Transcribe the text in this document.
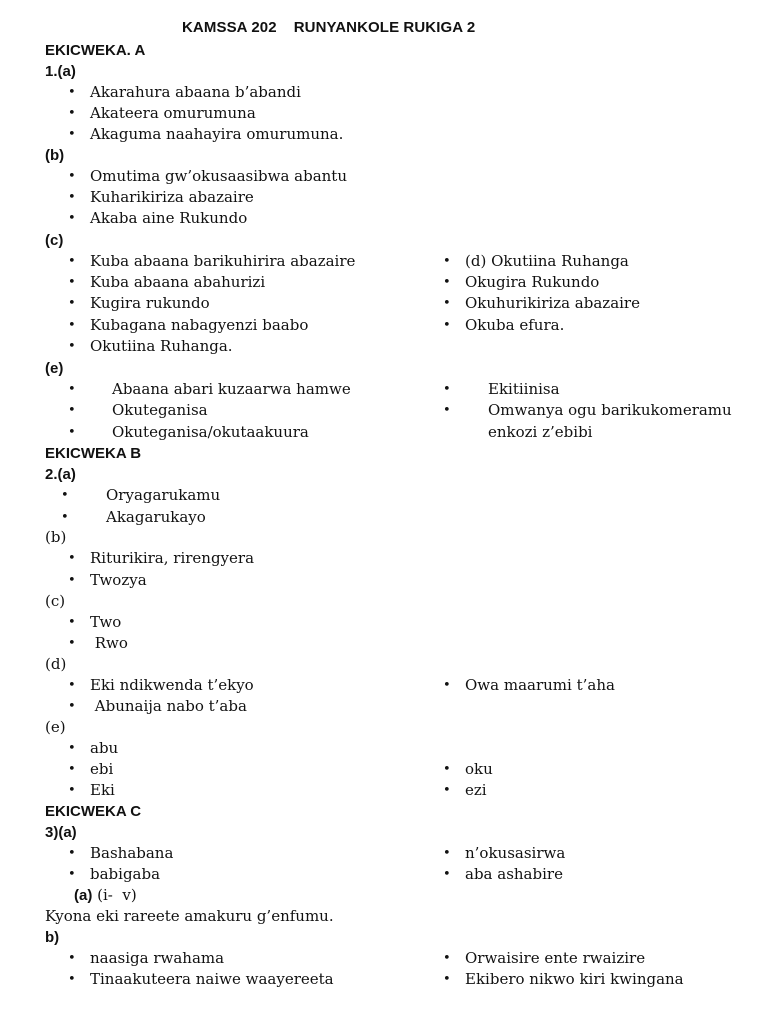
KAMSSA 202    RUNYANKOLE RUKIGA 2
EKICWEKA. A
1.(a)
• Akarahura abaana b’abandi
• Akateera omurumuna
• Akaguma naahayira omurumuna.
(b)
• Omutima gw’okusaasibwa abantu
• Kuharikiriza abazaire
• Akaba aine Rukundo
(c)
• Kuba abaana barikuhirira abazaire
• Kuba abaana abahurizi
• Kugira rukundo
• Kubagana nabagyenzi baabo
• Okutiina Ruhanga.
• (d) Okutiina Ruhanga
• Okugira Rukundo
• Okuhurikiriza abazaire
• Okuba efura.
(e)
• Abaana abari kuzaarwa hamwe
• Okuteganisa
• Okuteganisa/okutaakuura
• Ekitiinisa
• Omwanya ogu barikukomeramu
enkozi z’ebibi
EKICWEKA B
2.(a)
• Oryagarukamu
• Akagarukayo
(b)
• Riturikira, rirengyera
• Twozya
(c)
• Two
• Rwo
(d)
• Eki ndikwenda t’ekyo
• Abunaija nabo t’aba
• Owa maarumi t’aha
(e)
• abu
• ebi
• Eki
• oku
• ezi
EKICWEKA C
3)(a)
• Bashabana
• babigaba
• n’okusasirwa
• aba ashabire
(a) (i-  v)
Kyona eki rareete amakuru g’enfumu.
b)
• naasiga rwahama
• Tinaakuteera naiwe waayereeta
• Orwaisire ente rwaizire
• Ekibero nikwo kiri kwingana
